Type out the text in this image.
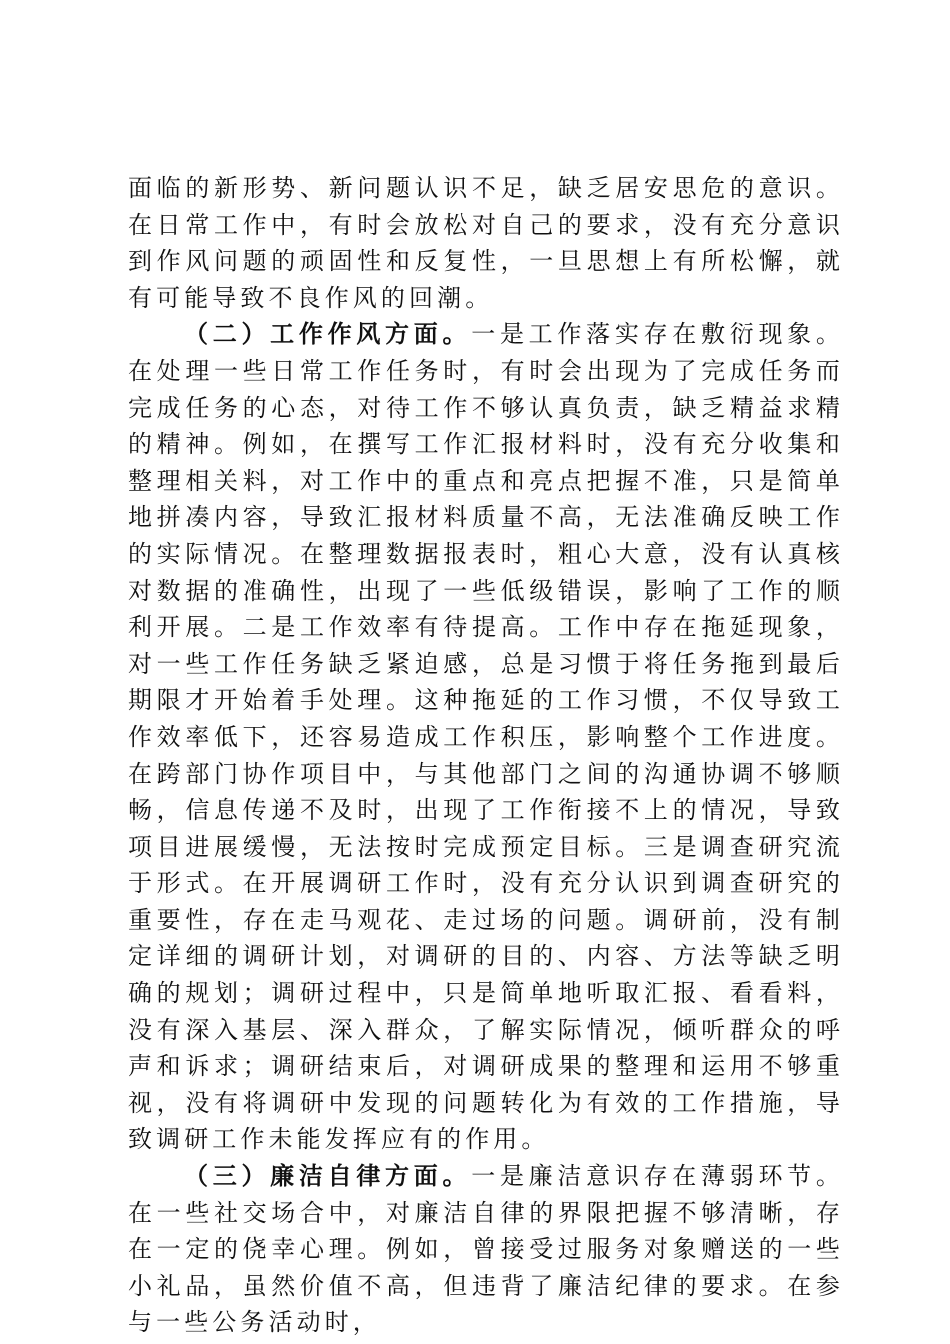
面临的新形势、新问题认识不足，缺乏居安思危的意识。在日常工作中，有时会放松对自己的要求，没有充分意识到作风问题的顽固性和反复性，一旦思想上有所松懈，就有可能导致不良作风的回潮。

（二）工作作风方面。一是工作落实存在敷衍现象。在处理一些日常工作任务时，有时会出现为了完成任务而完成任务的心态，对待工作不够认真负责，缺乏精益求精的精神。例如，在撰写工作汇报材料时，没有充分收集和整理相关料，对工作中的重点和亮点把握不准，只是简单地拼凑内容，导致汇报材料质量不高，无法准确反映工作的实际情况。在整理数据报表时，粗心大意，没有认真核对数据的准确性，出现了一些低级错误，影响了工作的顺利开展。二是工作效率有待提高。工作中存在拖延现象，对一些工作任务缺乏紧迫感，总是习惯于将任务拖到最后期限才开始着手处理。这种拖延的工作习惯，不仅导致工作效率低下，还容易造成工作积压，影响整个工作进度。在跨部门协作项目中，与其他部门之间的沟通协调不够顺畅，信息传递不及时，出现了工作衔接不上的情况，导致项目进展缓慢，无法按时完成预定目标。三是调查研究流于形式。在开展调研工作时，没有充分认识到调查研究的重要性，存在走马观花、走过场的问题。调研前，没有制定详细的调研计划，对调研的目的、内容、方法等缺乏明确的规划；调研过程中，只是简单地听取汇报、看看料，没有深入基层、深入群众，了解实际情况，倾听群众的呼声和诉求；调研结束后，对调研成果的整理和运用不够重视，没有将调研中发现的问题转化为有效的工作措施，导致调研工作未能发挥应有的作用。

（三）廉洁自律方面。一是廉洁意识存在薄弱环节。在一些社交场合中，对廉洁自律的界限把握不够清晰，存在一定的侥幸心理。例如，曾接受过服务对象赠送的一些小礼品，虽然价值不高，但违背了廉洁纪律的要求。在参与一些公务活动时，
